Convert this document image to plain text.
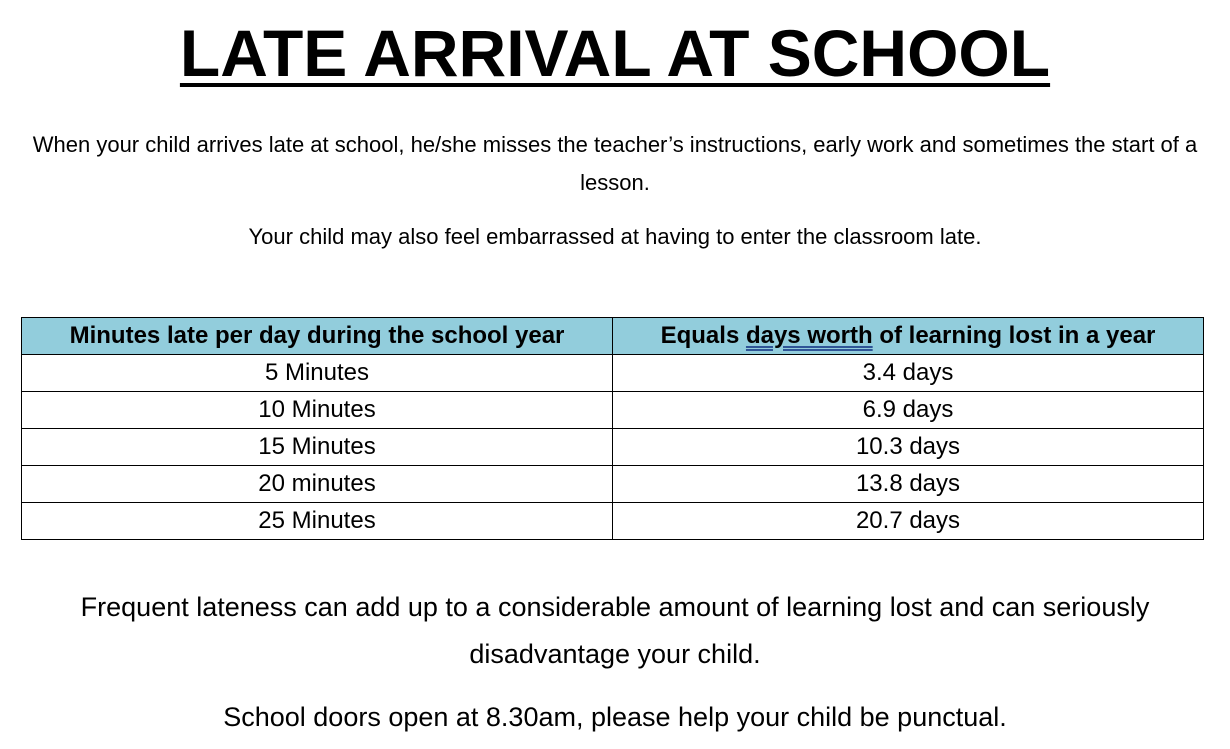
LATE ARRIVAL AT SCHOOL

When your child arrives late at school, he/she misses the teacher’s instructions, early work and sometimes the start of a lesson.

Your child may also feel embarrassed at having to enter the classroom late.

Minutes late per day during the school year	Equals days worth of learning lost in a year
5 Minutes	3.4 days
10 Minutes	6.9 days
15 Minutes	10.3 days
20 minutes	13.8 days
25 Minutes	20.7 days

Frequent lateness can add up to a considerable amount of learning lost and can seriously disadvantage your child.

School doors open at 8.30am, please help your child be punctual.
